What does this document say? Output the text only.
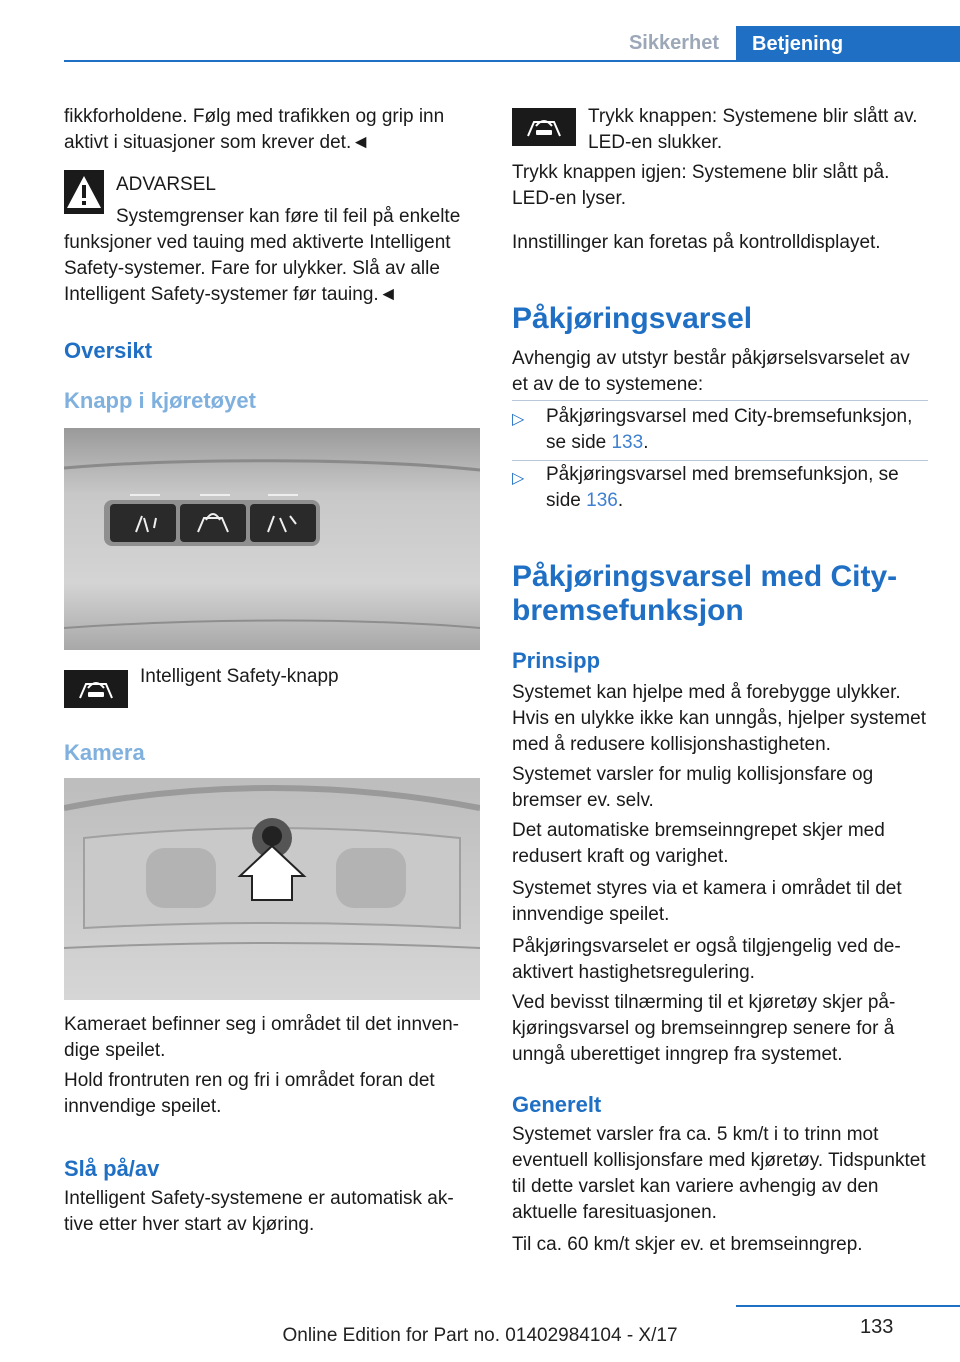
Sikkerhet	Betjening

fikkforholdene. Følg med trafikken og grip inn aktivt i situasjoner som krever det.◄

ADVARSEL

Systemgrenser kan føre til feil på enkelte

funksjoner ved tauing med aktiverte Intelligent Safety-systemer. Fare for ulykker. Slå av alle Intelligent Safety-systemer før tauing.◄

Oversikt
Knapp i kjøretøyet

Intelligent Safety-knapp

Kamera

Kameraet befinner seg i området til det innvendige speilet.

Hold frontruten ren og fri i området foran det innvendige speilet.

Slå på/av

Intelligent Safety-systemene er automatisk aktive etter hver start av kjøring.

Trykk knappen: Systemene blir slått av. LED-en slukker.

Trykk knappen igjen: Systemene blir slått på. LED-en lyser.

Innstillinger kan foretas på kontrolldisplayet.

Påkjøringsvarsel

Avhengig av utstyr består påkjørselsvarselet av et av de to systemene:

▷ Påkjøringsvarsel med City-bremsefunksjon, se side 133.

▷ Påkjøringsvarsel med bremsefunksjon, se side 136.

Påkjøringsvarsel med City-bremsefunksjon
Prinsipp

Systemet kan hjelpe med å forebygge ulykker. Hvis en ulykke ikke kan unngås, hjelper systemet med å redusere kollisjonshastigheten.

Systemet varsler for mulig kollisjonsfare og bremser ev. selv.

Det automatiske bremseinngrepet skjer med redusert kraft og varighet.

Systemet styres via et kamera i området til det innvendige speilet.

Påkjøringsvarselet er også tilgjengelig ved deaktivert hastighetsregulering.

Ved bevisst tilnærming til et kjøretøy skjer påkjøringsvarsel og bremseinngrep senere for å unngå uberettiget inngrep fra systemet.

Generelt

Systemet varsler fra ca. 5 km/t i to trinn mot eventuell kollisjonsfare med kjøretøy. Tidspunktet til dette varslet kan variere avhengig av den aktuelle faresituasjonen.

Til ca. 60 km/t skjer ev. et bremseinngrep.

133
Online Edition for Part no. 01402984104 - X/17
